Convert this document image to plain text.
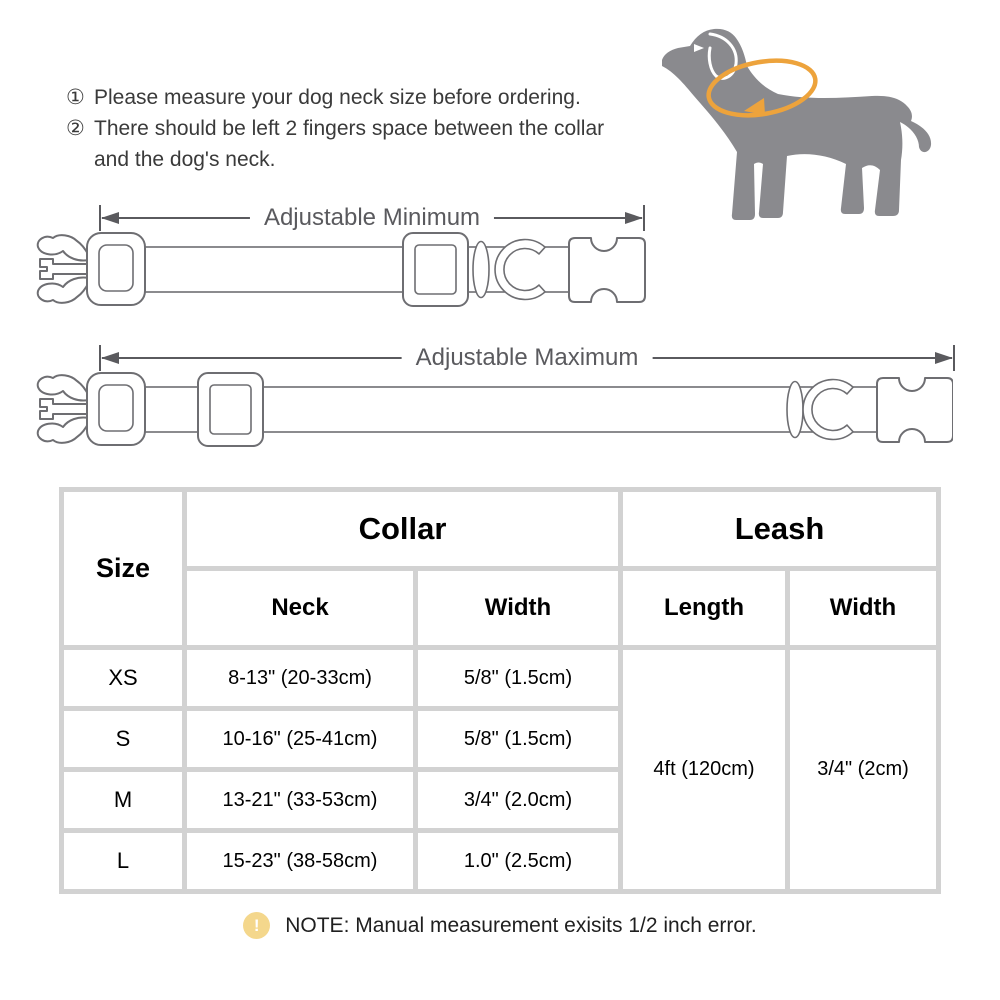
① Please measure your dog neck size before ordering.
② There should be left 2 fingers space between the collar and the dog's neck.
Adjustable Minimum
Adjustable Maximum
Size	Collar		Leash	
	Neck	Width	Length	Width
XS	8-13" (20-33cm)	5/8" (1.5cm)	4ft (120cm)	3/4" (2cm)
S	10-16" (25-41cm)	5/8" (1.5cm)		
M	13-21" (33-53cm)	3/4" (2.0cm)		
L	15-23" (38-58cm)	1.0" (2.5cm)		
!	NOTE: Manual measurement exisits 1/2 inch error.
